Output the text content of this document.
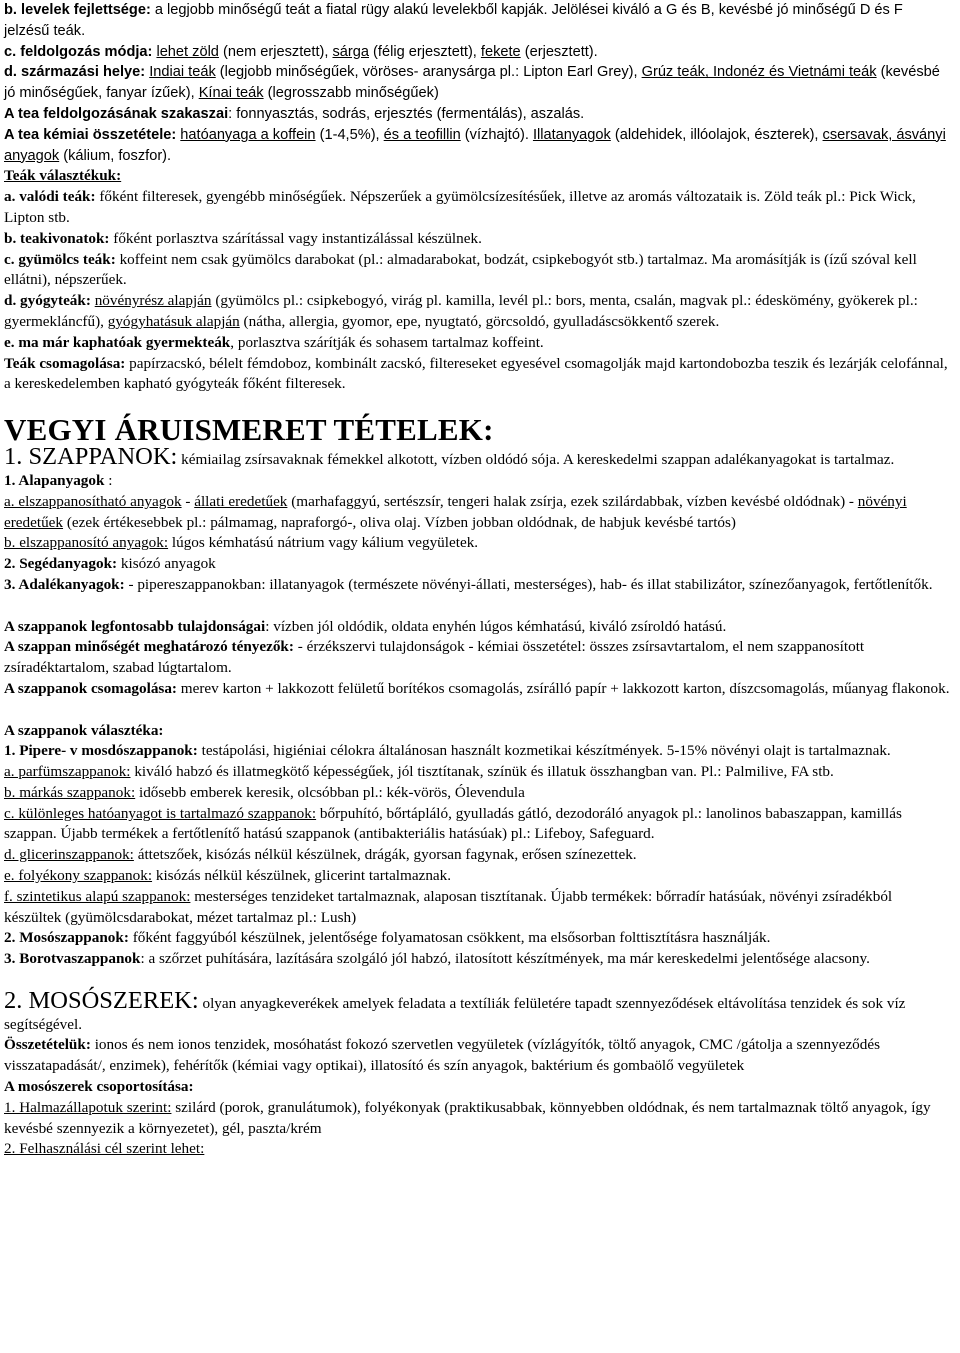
b. levelek fejlettsége: a legjobb minőségű teát a fiatal rügy alakú levelekből kapják. Jelölései kiváló a G és B, kevésbé jó minőségű D és F jelzésű teák.

c. feldolgozás módja: lehet zöld (nem erjesztett), sárga (félig erjesztett), fekete (erjesztett).

d. származási helye: Indiai teák (legjobb minőségűek, vöröses- aranysárga pl.: Lipton Earl Grey), Grúz teák, Indonéz és Vietnámi teák (kevésbé jó minőségűek, fanyar ízűek), Kínai teák (legrosszabb minőségűek)

A tea feldolgozásának szakaszai: fonnyasztás, sodrás, erjesztés (fermentálás), aszalás.

A tea kémiai összetétele: hatóanyaga a koffein (1-4,5%), és a teofillin (vízhajtó). Illatanyagok (aldehidek, illóolajok, észterek), csersavak, ásványi anyagok (kálium, foszfor).

Teák választékuk:

a. valódi teák: főként filteresek, gyengébb minőségűek. Népszerűek a gyümölcsízesítésűek, illetve az aromás változataik is. Zöld teák pl.: Pick Wick, Lipton stb.

b. teakivonatok: főként porlasztva szárítással vagy instantizálással készülnek.

c. gyümölcs teák: koffeint nem csak gyümölcs darabokat (pl.: almadarabokat, bodzát, csipkebogyót stb.) tartalmaz. Ma aromásítják is (ízű szóval kell ellátni), népszerűek.

d. gyógyteák: növényrész alapján (gyümölcs pl.: csipkebogyó, virág pl. kamilla, levél pl.: bors, menta, csalán, magvak pl.: édeskömény, gyökerek pl.: gyermekláncfű), gyógyhatásuk alapján (nátha, allergia, gyomor, epe, nyugtató, görcsoldó, gyulladáscsökkentő szerek.

e. ma már kaphatóak gyermekteák, porlasztva szárítják és sohasem tartalmaz koffeint.

Teák csomagolása: papírzacskó, bélelt fémdoboz, kombinált zacskó, filtereseket egyesével csomagolják majd kartondobozba teszik és lezárják celofánnal, a kereskedelemben kapható gyógyteák főként filteresek.

VEGYI ÁRUISMERET TÉTELEK:

1. SZAPPANOK: kémiailag zsírsavaknak fémekkel alkotott, vízben oldódó sója. A kereskedelmi szappan adalékanyagokat is tartalmaz.

1. Alapanyagok :

a. elszappanosítható anyagok - állati eredetűek (marhafaggyú, sertészsír, tengeri halak zsírja, ezek szilárdabbak, vízben kevésbé oldódnak) - növényi eredetűek (ezek értékesebbek pl.: pálmamag, napraforgó-, oliva olaj. Vízben jobban oldódnak, de habjuk kevésbé tartós)

b. elszappanosító anyagok: lúgos kémhatású nátrium vagy kálium vegyületek.

2. Segédanyagok: kisózó anyagok

3. Adalékanyagok: - pipereszappanokban: illatanyagok (természete növényi-állati, mesterséges), hab- és illat stabilizátor, színezőanyagok, fertőtlenítők.

A szappanok legfontosabb tulajdonságai: vízben jól oldódik, oldata enyhén lúgos kémhatású, kiváló zsíroldó hatású.

A szappan minőségét meghatározó tényezők: - érzékszervi tulajdonságok - kémiai összetétel: összes zsírsavtartalom, el nem szappanosított zsíradéktartalom, szabad lúgtartalom.

A szappanok csomagolása: merev karton + lakkozott felületű borítékos csomagolás, zsírálló papír + lakkozott karton, díszcsomagolás, műanyag flakonok.

A szappanok választéka:

1. Pipere- v mosdószappanok: testápolási, higiéniai célokra általánosan használt kozmetikai készítmények. 5-15% növényi olajt is tartalmaznak.

a. parfümszappanok: kiváló habzó és illatmegkötő képességűek, jól tisztítanak, színük és illatuk összhangban van. Pl.: Palmilive, FA stb.

b. márkás szappanok: idősebb emberek keresik, olcsóbban pl.: kék-vörös, Ólevendula

c. különleges hatóanyagot is tartalmazó szappanok: bőrpuhító, bőrtápláló, gyulladás gátló, dezodoráló anyagok pl.: lanolinos babaszappan, kamillás szappan. Újabb termékek a fertőtlenítő hatású szappanok (antibakteriális hatásúak) pl.: Lifeboy, Safeguard.

d. glicerinszappanok: áttetszőek, kisózás nélkül készülnek, drágák, gyorsan fagynak, erősen színezettek.

e. folyékony szappanok: kisózás nélkül készülnek, glicerint tartalmaznak.

f. szintetikus alapú szappanok: mesterséges tenzideket tartalmaznak, alaposan tisztítanak. Újabb termékek: bőrradír hatásúak, növényi zsíradékból készültek (gyümölcsdarabokat, mézet tartalmaz pl.: Lush)

2. Mosószappanok: főként faggyúból készülnek, jelentősége folyamatosan csökkent, ma elsősorban folttisztításra használják.

3. Borotvaszappanok: a szőrzet puhítására, lazítására szolgáló jól habzó, ilatosított készítmények, ma már kereskedelmi jelentősége alacsony.

2. MOSÓSZEREK: olyan anyagkeverékek amelyek feladata a textíliák felületére tapadt szennyeződések eltávolítása tenzidek és sok víz segítségével.

Összetételük: ionos és nem ionos tenzidek, mosóhatást fokozó szervetlen vegyületek (vízlágyítók, töltő anyagok, CMC /gátolja a szennyeződés visszatapadását/, enzimek), fehérítők (kémiai vagy optikai), illatosító és szín anyagok, baktérium és gombaölő vegyületek

A mosószerek csoportosítása:

1. Halmazállapotuk szerint: szilárd (porok, granulátumok), folyékonyak (praktikusabbak, könnyebben oldódnak, és nem tartalmaznak töltő anyagok, így kevésbé szennyezik a környezetet), gél, paszta/krém

2. Felhasználási cél szerint lehet:
